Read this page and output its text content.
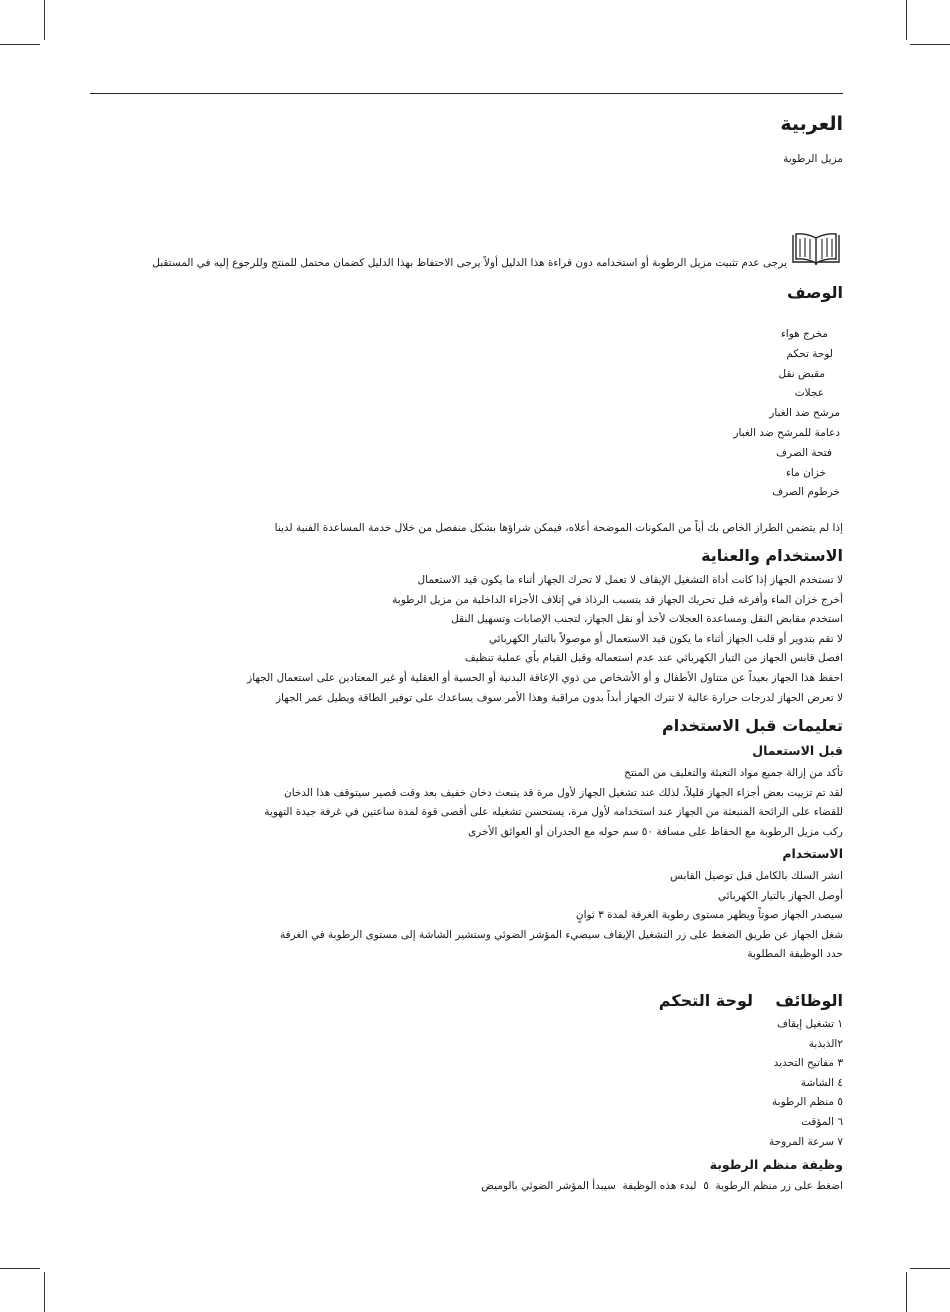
العربية
مزيل الرطوبة
يرجى عدم تثبيت مزيل الرطوبة أو استخدامه دون قراءة هذا الدليل أولاً يرجى الاحتفاظ بهذا الدليل كضمان محتمل للمنتج وللرجوع إليه في المستقبل
الوصف
مخرج هواء
لوحة تحكم
مقبض نقل
عجلات
مرشح ضد الغبار
دعامة للمرشح ضد الغبار
فتحة الصرف
خزان ماء
خرطوم الصرف
إذا لم يتضمن الطراز الخاص بك أياً من المكونات الموضحة أعلاه، فيمكن شراؤها بشكل منفصل من خلال خدمة المساعدة الفنية لدينا
الاستخدام والعناية
لا تستخدم الجهاز إذا كانت أداة التشغيل الإيقاف لا تعمل لا تحرك الجهاز أثناء ما يكون قيد الاستعمال
أخرج خزان الماء وأفرغه قبل تحريك الجهاز قد يتسبب الرذاذ في إتلاف الأجزاء الداخلية من مزيل الرطوبة
استخدم مقابض النقل ومساعدة العجلات لأخذ أو نقل الجهاز، لتجنب الإصابات وتسهيل النقل
لا تقم بتدوير أو قلب الجهاز أثناء ما يكون قيد الاستعمال أو موصولاً بالتيار الكهربائي
افصل قابس الجهاز من التيار الكهربائي عند عدم استعماله وقبل القيام بأي عملية تنظيف
احفظ هذا الجهاز بعيداً عن متناول الأطفال و أو الأشخاص من ذوي الإعاقة البدنية أو الحسية أو العقلية أو غير المعتادين على استعمال الجهاز
لا تعرض الجهاز لدرجات حرارة عالية لا تترك الجهاز أبداً بدون مراقبة وهذا الأمر سوف يساعدك على توفير الطاقة ويطيل عمر الجهاز
تعليمات قبل الاستخدام
قبل الاستعمال
تأكد من إزالة جميع مواد التعبئة والتغليف من المنتج
لقد تم تزييت بعض أجزاء الجهاز قليلاً، لذلك عند تشغيل الجهاز لأول مرة قد ينبعث دخان خفيف بعد وقت قصير سيتوقف هذا الدخان
للقضاء على الرائحة المنبعثة من الجهاز عند استخدامه لأول مرة، يستحسن تشغيله على أقصى قوة لمدة ساعتين في غرفة جيدة التهوية
ركب مزيل الرطوبة مع الحفاظ على مسافة ٥٠ سم حوله مع الجدران أو العوائق الأخرى
الاستخدام
انشر السلك بالكامل قبل توصيل القابس
أوصل الجهاز بالتيار الكهربائي
سيصدر الجهاز صوتاً ويظهر مستوى رطوبة الغرفة لمدة ٣ ثوانٍ
شغل الجهاز عن طريق الضغط على زر التشغيل الإيقاف سيضيء المؤشر الضوئي وستشير الشاشة إلى مستوى الرطوبة في الغرفة
حدد الوظيفة المطلوبة
الوظائف    لوحة التحكم
١ تشغيل إيقاف
٢الذبذبة
٣ مفاتيح التحديد
٤ الشاشة
٥ منظم الرطوبة
٦ المؤقت
٧ سرعة المروحة
وظيفة منظم الرطوبة
اضغط على زر منظم الرطوبة  ٥  لبدء هذه الوظيفة  سيبدأ المؤشر الضوئي بالوميض
